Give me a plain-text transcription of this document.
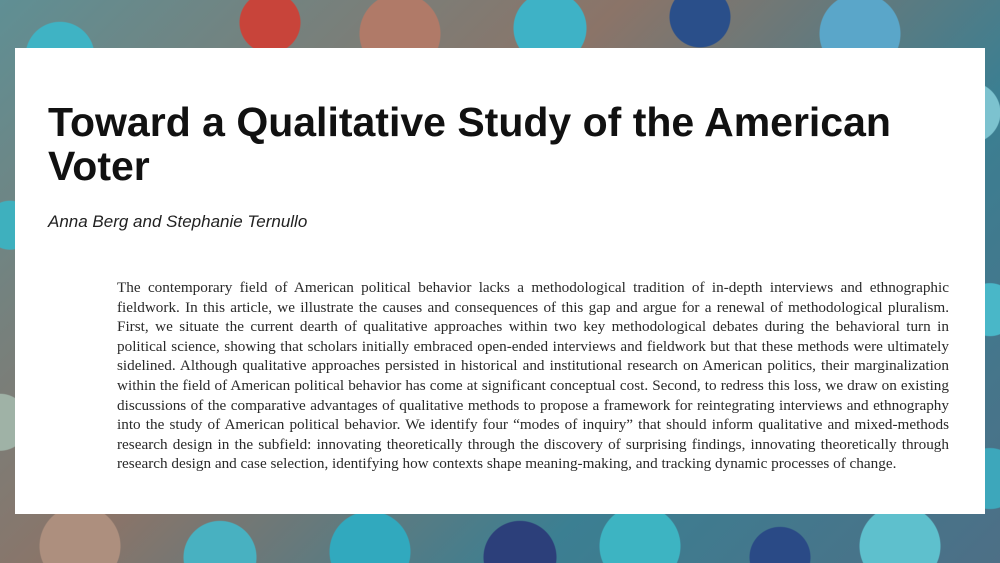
Toward a Qualitative Study of the American Voter

Anna Berg and Stephanie Ternullo

The contemporary field of American political behavior lacks a methodological tradition of in-depth interviews and ethnographic fieldwork. In this article, we illustrate the causes and consequences of this gap and argue for a renewal of methodological pluralism. First, we situate the current dearth of qualitative approaches within two key methodological debates during the behavioral turn in political science, showing that scholars initially embraced open-ended interviews and fieldwork but that these methods were ultimately sidelined. Although qualitative approaches persisted in historical and institutional research on American politics, their marginalization within the field of American political behavior has come at significant conceptual cost. Second, to redress this loss, we draw on existing discussions of the comparative advantages of qualitative methods to propose a framework for reintegrating interviews and ethnography into the study of American political behavior. We identify four “modes of inquiry” that should inform qualitative and mixed-methods research design in the subfield: innovating theoretically through the discovery of surprising findings, innovating theoretically through research design and case selection, identifying how contexts shape meaning-making, and tracking dynamic processes of change.
